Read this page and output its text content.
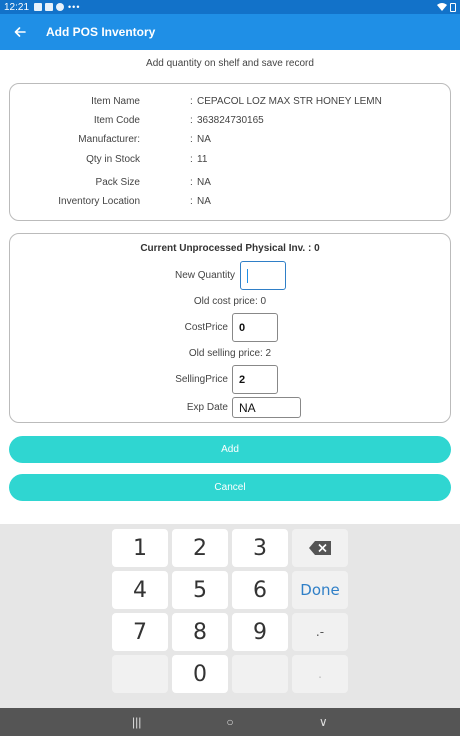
12:21	•••
Add POS Inventory
Add quantity on shelf and save record
Item Name	: CEPACOL LOZ MAX STR HONEY LEMN
Item Code	: 363824730165
Manufacturer:	: NA
Qty in Stock	: 11
Pack Size	: NA
Inventory Location	: NA
Current Unprocessed Physical Inv. : 0
New Quantity
Old cost price: 0
CostPrice 0
Old selling price: 2
SellingPrice 2
Exp Date NA
Add
Cancel
1	2	3
4	5	6	Done
7	8	9	.-
0	.
|||	○	∨
